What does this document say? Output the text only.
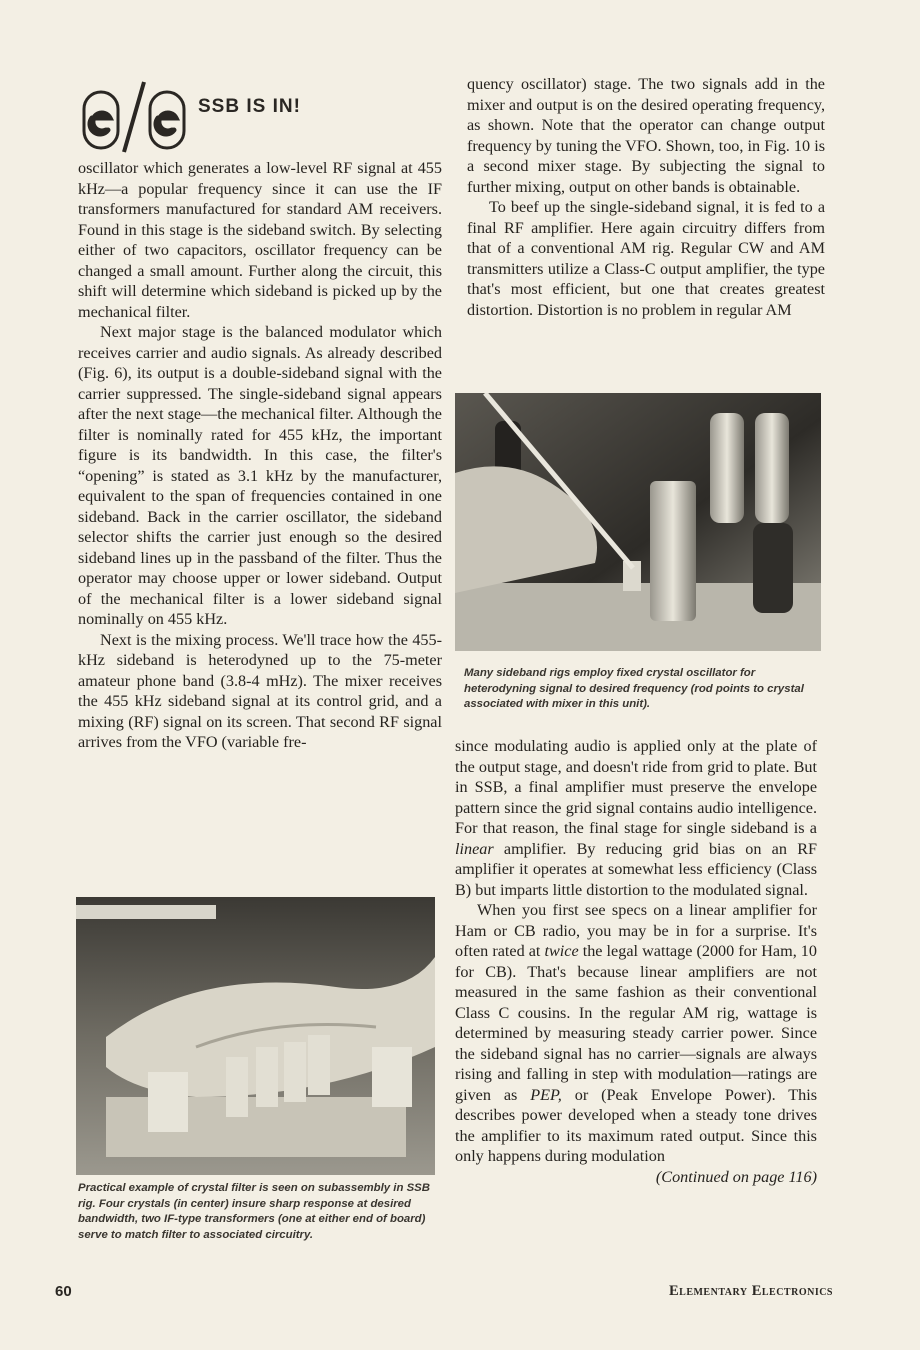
SSB IS IN!

oscillator which generates a low-level RF signal at 455 kHz—a popular frequency since it can use the IF transformers manufactured for standard AM receivers. Found in this stage is the sideband switch. By selecting either of two capacitors, oscillator frequency can be changed a small amount. Further along the circuit, this shift will determine which sideband is picked up by the mechanical filter.

Next major stage is the balanced modulator which receives carrier and audio signals. As already described (Fig. 6), its output is a double-sideband signal with the carrier suppressed. The single-sideband signal appears after the next stage—the mechanical filter. Although the filter is nominally rated for 455 kHz, the important figure is its bandwidth. In this case, the filter's “opening” is stated as 3.1 kHz by the manufacturer, equivalent to the span of frequencies contained in one sideband. Back in the carrier oscillator, the sideband selector shifts the carrier just enough so the desired sideband lines up in the passband of the filter. Thus the operator may choose upper or lower sideband. Output of the mechanical filter is a lower sideband signal nominally on 455 kHz.

Next is the mixing process. We'll trace how the 455-kHz sideband is heterodyned up to the 75-meter amateur phone band (3.8-4 mHz). The mixer receives the 455 kHz sideband signal at its control grid, and a mixing (RF) signal on its screen. That second RF signal arrives from the VFO (variable fre-

quency oscillator) stage. The two signals add in the mixer and output is on the desired operating frequency, as shown. Note that the operator can change output frequency by tuning the VFO. Shown, too, in Fig. 10 is a second mixer stage. By subjecting the signal to further mixing, output on other bands is obtainable.

To beef up the single-sideband signal, it is fed to a final RF amplifier. Here again circuitry differs from that of a conventional AM rig. Regular CW and AM transmitters utilize a Class-C output amplifier, the type that's most efficient, but one that creates greatest distortion. Distortion is no problem in regular AM

Many sideband rigs employ fixed crystal oscillator for heterodyning signal to desired frequency (rod points to crystal associated with mixer in this unit).

since modulating audio is applied only at the plate of the output stage, and doesn't ride from grid to plate. But in SSB, a final amplifier must preserve the envelope pattern since the grid signal contains audio intelligence. For that reason, the final stage for single sideband is a linear amplifier. By reducing grid bias on an RF amplifier it operates at somewhat less efficiency (Class B) but imparts little distortion to the modulated signal.

When you first see specs on a linear amplifier for Ham or CB radio, you may be in for a surprise. It's often rated at twice the legal wattage (2000 for Ham, 10 for CB). That's because linear amplifiers are not measured in the same fashion as their conventional Class C cousins. In the regular AM rig, wattage is determined by measuring steady carrier power. Since the sideband signal has no carrier—signals are always rising and falling in step with modulation—ratings are given as PEP, or (Peak Envelope Power). This describes power developed when a steady tone drives the amplifier to its maximum rated output. Since this only happens during modulation

(Continued on page 116)

Practical example of crystal filter is seen on subassembly in SSB rig. Four crystals (in center) insure sharp response at desired bandwidth, two IF-type transformers (one at either end of board) serve to match filter to associated circuitry.
60	Elementary Electronics
